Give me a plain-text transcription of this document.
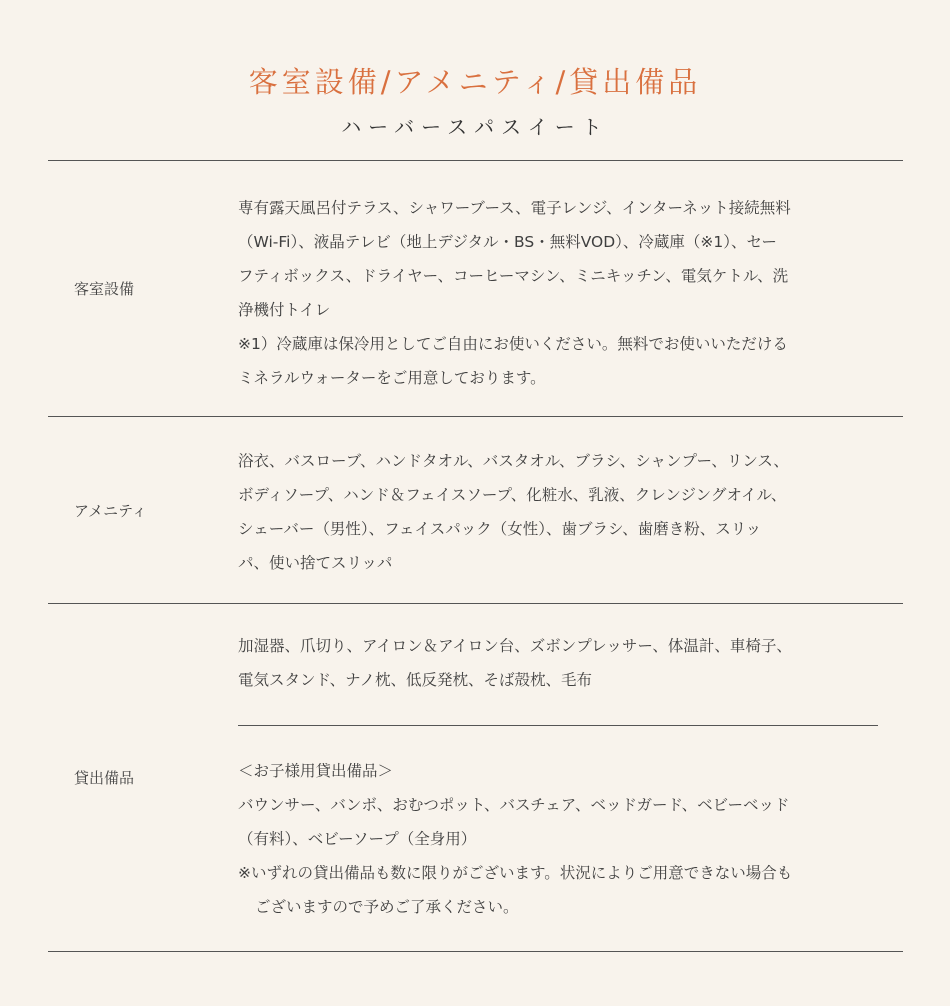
客室設備/アメニティ/貸出備品
ハーバースパスイート
客室設備

専有露天風呂付テラス、シャワーブース、電子レンジ、インターネット接続無料

（Wi-Fi）、液晶テレビ（地上デジタル・BS・無料VOD）、冷蔵庫（※1）、セー

フティボックス、ドライヤー、コーヒーマシン、ミニキッチン、電気ケトル、洗

浄機付トイレ

※1）冷蔵庫は保冷用としてご自由にお使いください。無料でお使いいただける

ミネラルウォーターをご用意しております。

アメニティ

浴衣、バスローブ、ハンドタオル、バスタオル、ブラシ、シャンプー、リンス、

ボディソープ、ハンド＆フェイスソープ、化粧水、乳液、クレンジングオイル、

シェーバー（男性）、フェイスパック（女性）、歯ブラシ、歯磨き粉、スリッ

パ、使い捨てスリッパ

貸出備品

加湿器、爪切り、アイロン＆アイロン台、ズボンプレッサー、体温計、車椅子、

電気スタンド、ナノ枕、低反発枕、そば殻枕、毛布

＜お子様用貸出備品＞

バウンサー、バンボ、おむつポット、バスチェア、ベッドガード、ベビーベッド

（有料）、ベビーソープ（全身用）

※いずれの貸出備品も数に限りがございます。状況によりご用意できない場合も

ございますので予めご了承ください。
